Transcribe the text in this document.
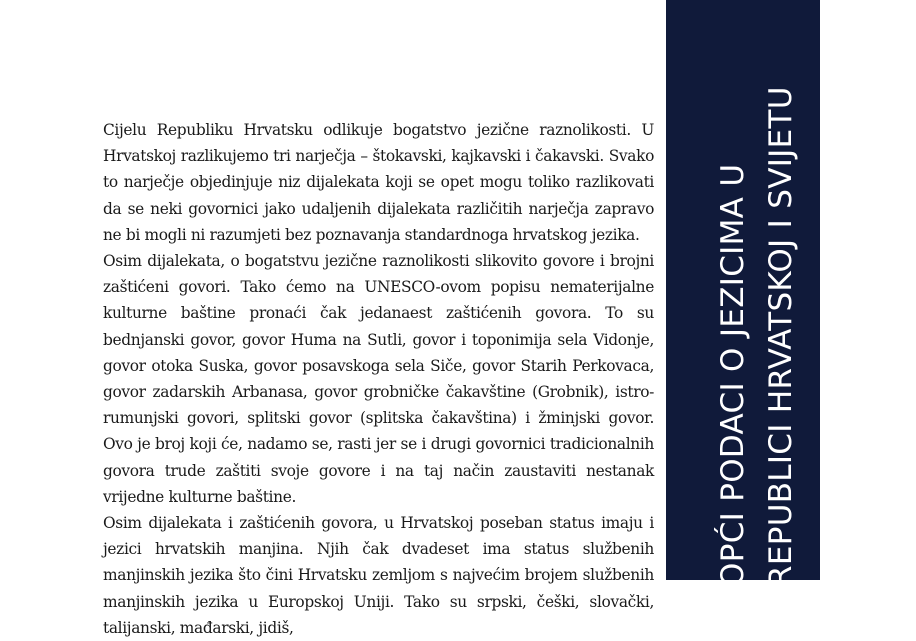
Cijelu Republiku Hrvatsku odlikuje bogatstvo jezične raznolikosti. U Hrvatskoj razlikujemo tri narječja – štokavski, kajkavski i čakavski. Svako to narječje objedinjuje niz dijalekata koji se opet mogu toliko razlikovati da se neki govornici jako udaljenih dijalekata različitih narječja zapravo ne bi mogli ni razumjeti bez poznavanja standardnoga hrvatskog jezika.

Osim dijalekata, o bogatstvu jezične raznolikosti slikovito govore i brojni zaštićeni govori. Tako ćemo na UNESCO-ovom popisu nematerijalne kulturne baštine pronaći čak jedanaest zaštićenih govora. To su bednjanski govor, govor Huma na Sutli, govor i toponimija sela Vidonje, govor otoka Suska, govor posavskoga sela Siče, govor Starih Perkovaca, govor zadarskih Arbanasa, govor grobničke čakavštine (Grobnik), istro-rumunjski govori, splitski govor (splitska čakavština) i žminjski govor. Ovo je broj koji će, nadamo se, rasti jer se i drugi govornici tradicionalnih govora trude zaštiti svoje govore i na taj način zaustaviti nestanak vrijedne kulturne baštine.

Osim dijalekata i zaštićenih govora, u Hrvatskoj poseban status imaju i jezici hrvatskih manjina. Njih čak dvadeset ima status službenih manjinskih jezika što čini Hrvatsku zemljom s najvećim brojem službenih manjinskih jezika u Europskoj Uniji. Tako su srpski, češki, slovački, talijanski, mađarski, jidiš,

OPĆI PODACI O JEZICIMA U REPUBLICI HRVATSKOJ I SVIJETU
